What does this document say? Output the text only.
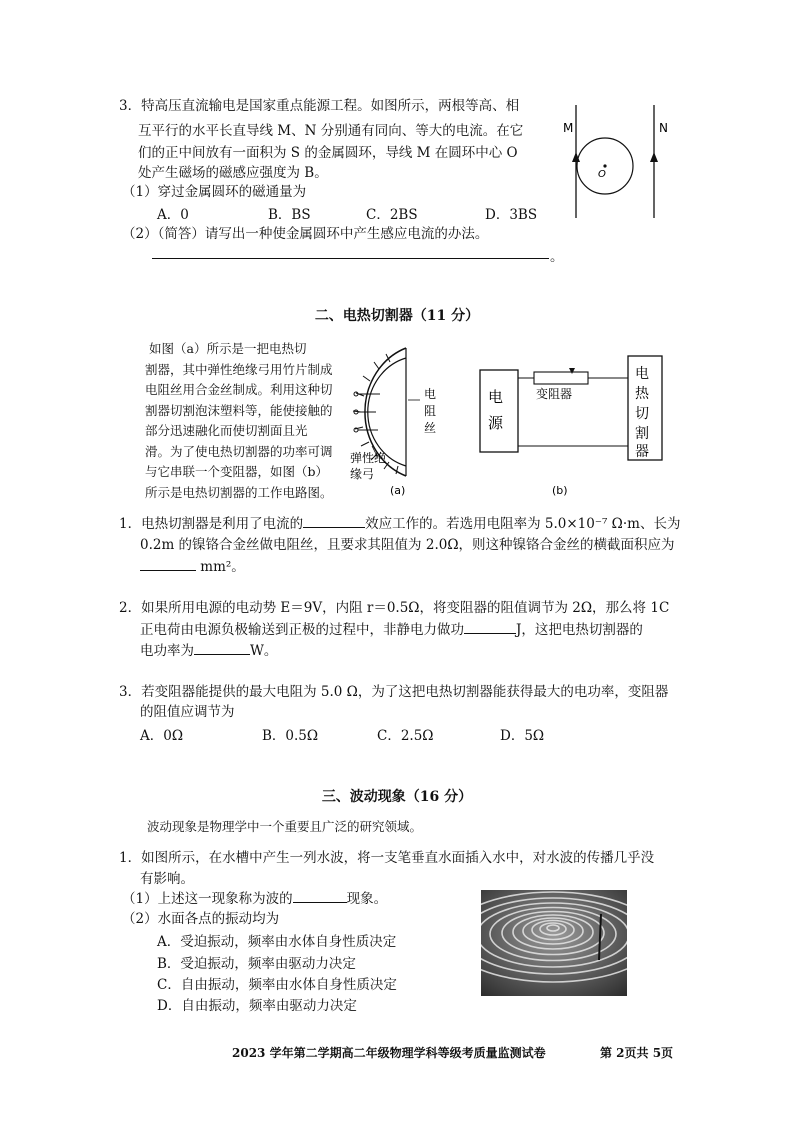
3．特高压直流输电是国家重点能源工程。如图所示，两根等高、相
互平行的水平长直导线 M、N 分别通有同向、等大的电流。在它
们的正中间放有一面积为 S 的金属圆环，导线 M 在圆环中心 O
处产生磁场的磁感应强度为 B。
（1）穿过金属圆环的磁通量为
A．0	B．BS	C．2BS	D．3BS
（2）（简答）请写出一种使金属圆环中产生感应电流的办法。
。
M	N
O
二、电热切割器（11 分）
如图（a）所示是一把电热切
割器，其中弹性绝缘弓用竹片制成
电阻丝用合金丝制成。利用这种切
割器切割泡沫塑料等，能使接触的
部分迅速融化而使切割面且光
滑。为了使电热切割器的功率可调
与它串联一个变阻器，如图（b）
所示是电热切割器的工作电路图。
电
阻
丝
弹性绝
缘弓
(a)
电
源
变阻器
电
热
切
割
器
(b)
1．电热切割器是利用了电流的	效应工作的。若选用电阻率为 5.0×10⁻⁷ Ω·m、长为
0.2m 的镍铬合金丝做电阻丝，且要求其阻值为 2.0Ω，则这种镍铬合金丝的横截面积应为
mm²。
2．如果所用电源的电动势 E＝9V，内阻 r＝0.5Ω，将变阻器的阻值调节为 2Ω，那么将 1C
正电荷由电源负极输送到正极的过程中，非静电力做功	J，这把电热切割器的
电功率为	W。
3．若变阻器能提供的最大电阻为 5.0 Ω，为了这把电热切割器能获得最大的电功率，变阻器
的阻值应调节为
A．0Ω	B．0.5Ω	C．2.5Ω	D．5Ω
三、波动现象（16 分）
波动现象是物理学中一个重要且广泛的研究领域。
1．如图所示，在水槽中产生一列水波，将一支笔垂直水面插入水中，对水波的传播几乎没
有影响。
（1）上述这一现象称为波的	现象。
（2）水面各点的振动均为
A．受迫振动，频率由水体自身性质决定
B．受迫振动，频率由驱动力决定
C．自由振动，频率由水体自身性质决定
D．自由振动，频率由驱动力决定
2023 学年第二学期高二年级物理学科等级考质量监测试卷	第 2页共 5页
